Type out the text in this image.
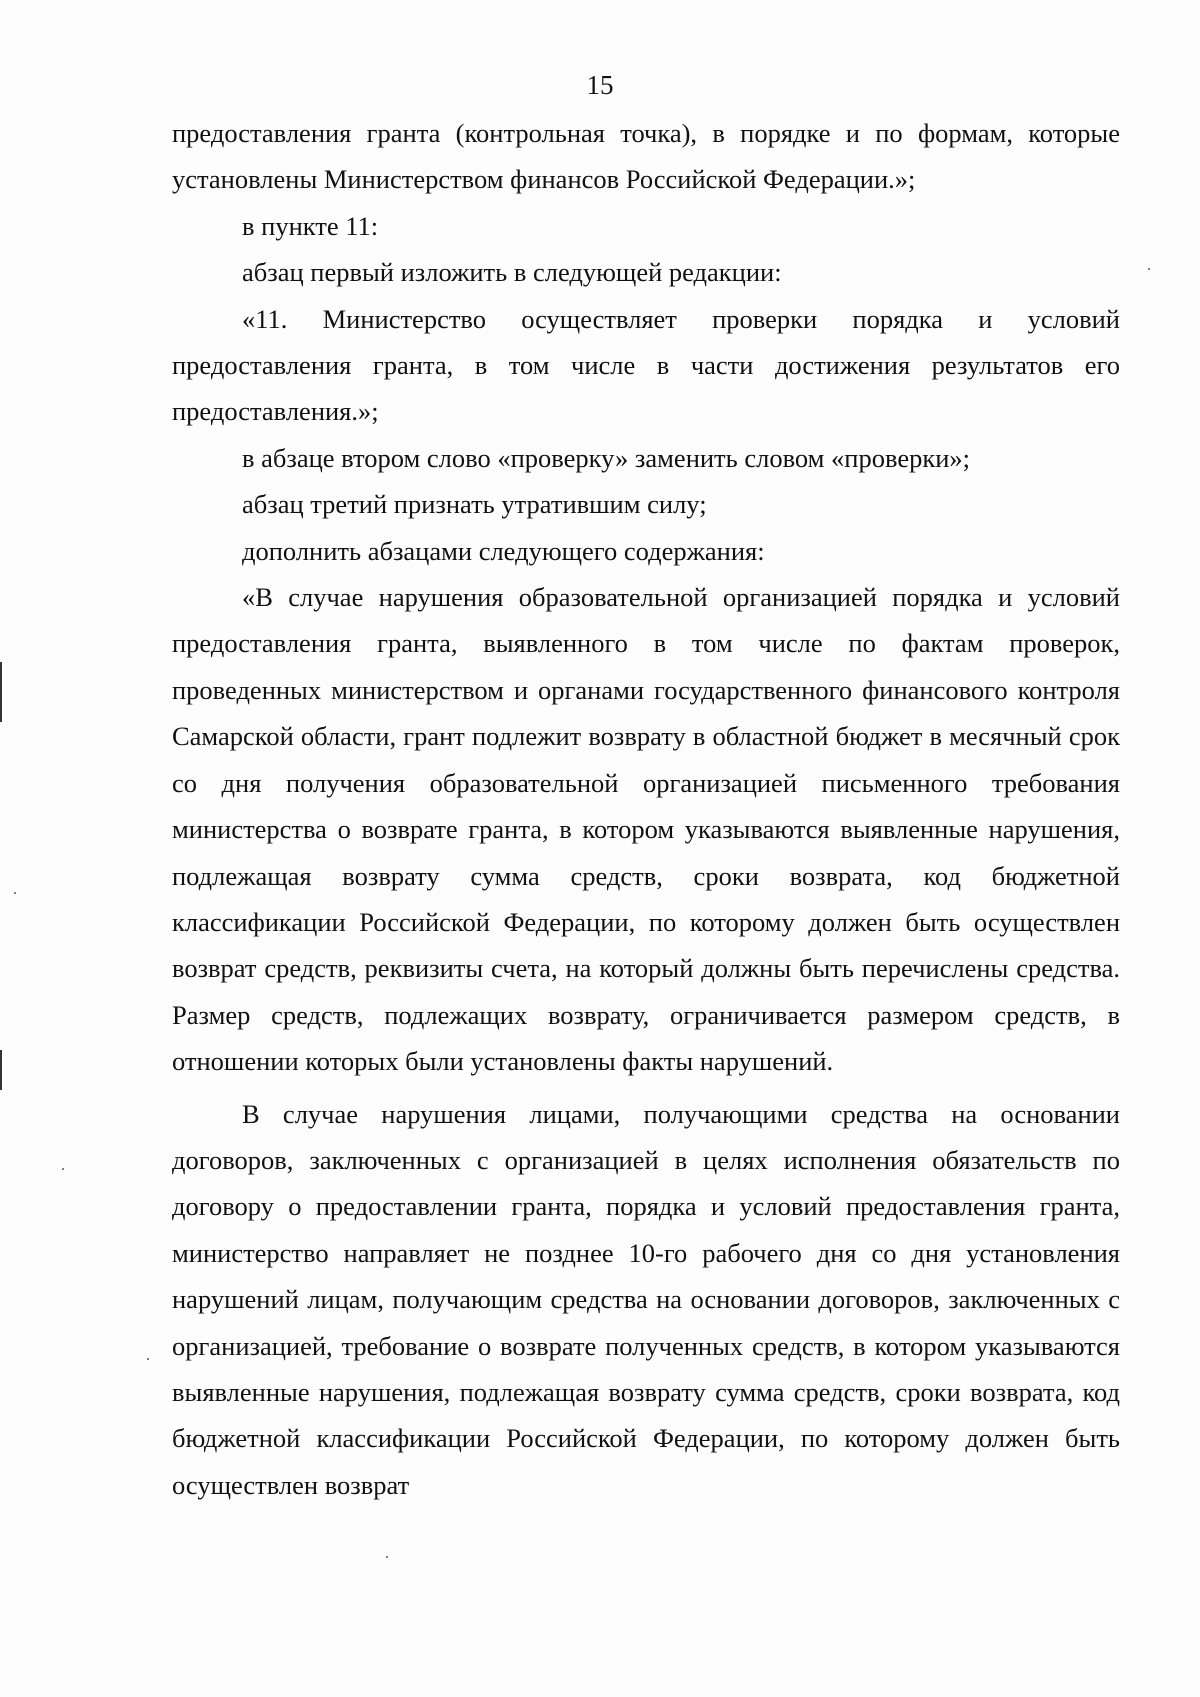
15

предоставления гранта (контрольная точка), в порядке и по формам, которые установлены Министерством финансов Российской Федерации.»;

в пункте 11:

абзац первый изложить в следующей редакции:

«11. Министерство осуществляет проверки порядка и условий предоставления гранта, в том числе в части достижения результатов его предоставления.»;

в абзаце втором слово «проверку» заменить словом «проверки»;

абзац третий признать утратившим силу;

дополнить абзацами следующего содержания:

«В случае нарушения образовательной организацией порядка и условий предоставления гранта, выявленного в том числе по фактам проверок, проведенных министерством и органами государственного финансового контроля Самарской области, грант подлежит возврату в областной бюджет в месячный срок со дня получения образовательной организацией письменного требования министерства о возврате гранта, в котором указываются выявленные нарушения, подлежащая возврату сумма средств, сроки возврата, код бюджетной классификации Российской Федерации, по которому должен быть осуществлен возврат средств, реквизиты счета, на который должны быть перечислены средства. Размер средств, подлежащих возврату, ограничивается размером средств, в отношении которых были установлены факты нарушений.

В случае нарушения лицами, получающими средства на основании договоров, заключенных с организацией в целях исполнения обязательств по договору о предоставлении гранта, порядка и условий предоставления гранта, министерство направляет не позднее 10-го рабочего дня со дня установления нарушений лицам, получающим средства на основании договоров, заключенных с организацией, требование о возврате полученных средств, в котором указываются выявленные нарушения, подлежащая возврату сумма средств, сроки возврата, код бюджетной классификации Российской Федерации, по которому должен быть осуществлен возврат
